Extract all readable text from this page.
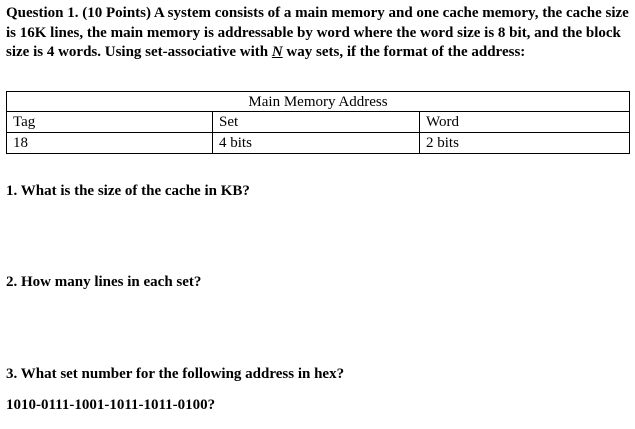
Question 1. (10 Points) A system consists of a main memory and one cache memory, the cache size is 16K lines, the main memory is addressable by word where the word size is 8 bit, and the block size is 4 words. Using set-associative with N way sets, if the format of the address:

Main Memory Address		
Tag	Set	Word
18	4 bits	2 bits

1. What is the size of the cache in KB?

2. How many lines in each set?

3. What set number for the following address in hex?

1010-0111-1001-1011-1011-0100?
